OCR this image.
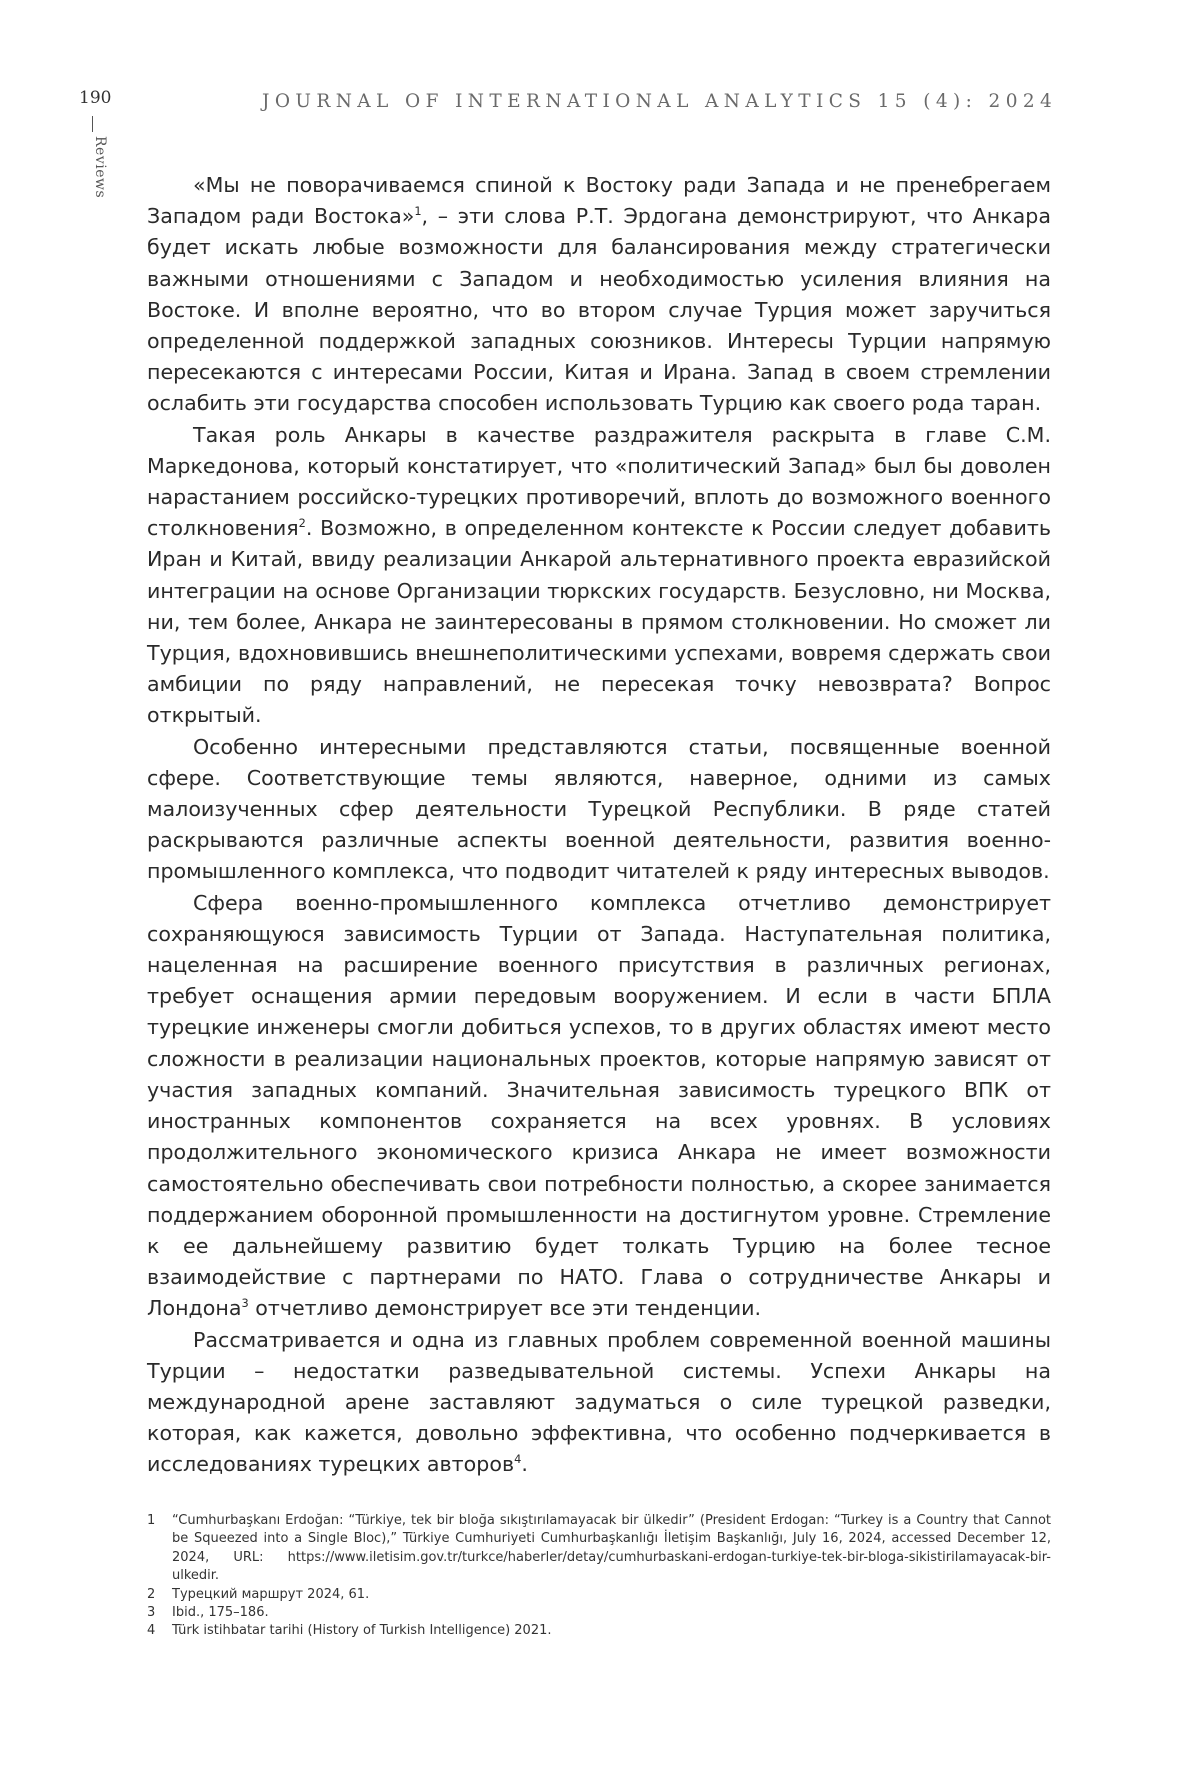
190
Reviews
JOURNAL OF INTERNATIONAL ANALYTICS 15 (4): 2024

«Мы не поворачиваемся спиной к Востоку ради Запада и не пренебрегаем Западом ради Востока»$^1$, – эти слова Р.Т. Эрдогана демонстрируют, что Анкара будет искать любые возможности для балансирования между стратегически важными отношениями с Западом и необходимостью усиления влияния на Востоке. И вполне вероятно, что во втором случае Турция может заручиться определенной поддержкой западных союзников. Интересы Турции напрямую пересекаются с интересами России, Китая и Ирана. Запад в своем стремлении ослабить эти государства способен использовать Турцию как своего рода таран.

Такая роль Анкары в качестве раздражителя раскрыта в главе С.М. Маркедонова, который констатирует, что «политический Запад» был бы доволен нарастанием российско-турецких противоречий, вплоть до возможного военного столкновения$^2$. Возможно, в определенном контексте к России следует добавить Иран и Китай, ввиду реализации Анкарой альтернативного проекта евразийской интеграции на основе Организации тюркских государств. Безусловно, ни Москва, ни, тем более, Анкара не заинтересованы в прямом столкновении. Но сможет ли Турция, вдохновившись внешнеполитическими успехами, вовремя сдержать свои амбиции по ряду направлений, не пересекая точку невозврата? Вопрос открытый.

Особенно интересными представляются статьи, посвященные военной сфере. Соответствующие темы являются, наверное, одними из самых малоизученных сфер деятельности Турецкой Республики. В ряде статей раскрываются различные аспекты военной деятельности, развития военно-промышленного комплекса, что подводит читателей к ряду интересных выводов.

Сфера военно-промышленного комплекса отчетливо демонстрирует сохраняющуюся зависимость Турции от Запада. Наступательная политика, нацеленная на расширение военного присутствия в различных регионах, требует оснащения армии передовым вооружением. И если в части БПЛА турецкие инженеры смогли добиться успехов, то в других областях имеют место сложности в реализации национальных проектов, которые напрямую зависят от участия западных компаний. Значительная зависимость турецкого ВПК от иностранных компонентов сохраняется на всех уровнях. В условиях продолжительного экономического кризиса Анкара не имеет возможности самостоятельно обеспечивать свои потребности полностью, а скорее занимается поддержанием оборонной промышленности на достигнутом уровне. Стремление к ее дальнейшему развитию будет толкать Турцию на более тесное взаимодействие с партнерами по НАТО. Глава о сотрудничестве Анкары и Лондона$^3$ отчетливо демонстрирует все эти тенденции.

Рассматривается и одна из главных проблем современной военной машины Турции – недостатки разведывательной системы. Успехи Анкары на международной арене заставляют задуматься о силе турецкой разведки, которая, как кажется, довольно эффективна, что особенно подчеркивается в исследованиях турецких авторов$^4$.

1	“Cumhurbaşkanı Erdoğan: “Türkiye, tek bir bloğa sıkıştırılamayacak bir ülkedir” (President Erdogan: “Turkey is a Country that Cannot be Squeezed into a Single Bloc),” Türkiye Cumhuriyeti Cumhurbaşkanlığı İletişim Başkanlığı, July 16, 2024, accessed December 12, 2024, URL: https://www.iletisim.gov.tr/turkce/haberler/detay/cumhurbaskani-erdogan-turkiye-tek-bir-bloga-sikistirilamayacak-bir-ulkedir.
2	Турецкий маршрут 2024, 61.
3	Ibid., 175–186.
4	Türk istihbatar tarihi (History of Turkish Intelligence) 2021.
